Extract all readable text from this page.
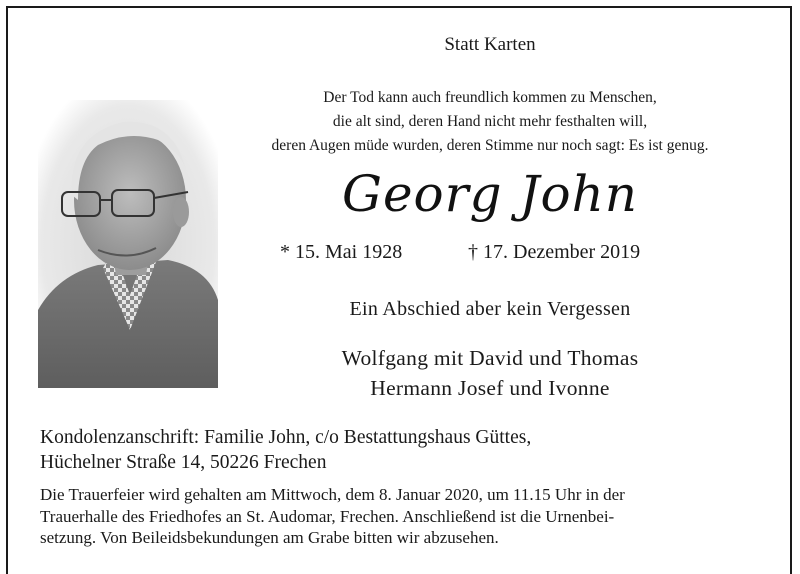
Statt Karten
Der Tod kann auch freundlich kommen zu Menschen,
die alt sind, deren Hand nicht mehr festhalten will,
deren Augen müde wurden, deren Stimme nur noch sagt: Es ist genug.
Georg John
* 15. Mai 1928	† 17. Dezember 2019
Ein Abschied aber kein Vergessen
Wolfgang mit David und Thomas
Hermann Josef und Ivonne
Kondolenzanschrift: Familie John, c/o Bestattungshaus Güttes,
Hüchelner Straße 14, 50226 Frechen
Die Trauerfeier wird gehalten am Mittwoch, dem 8. Januar 2020, um 11.15 Uhr in der
Trauerhalle des Friedhofes an St. Audomar, Frechen. Anschließend ist die Urnenbei-
setzung. Von Beileidsbekundungen am Grabe bitten wir abzusehen.
